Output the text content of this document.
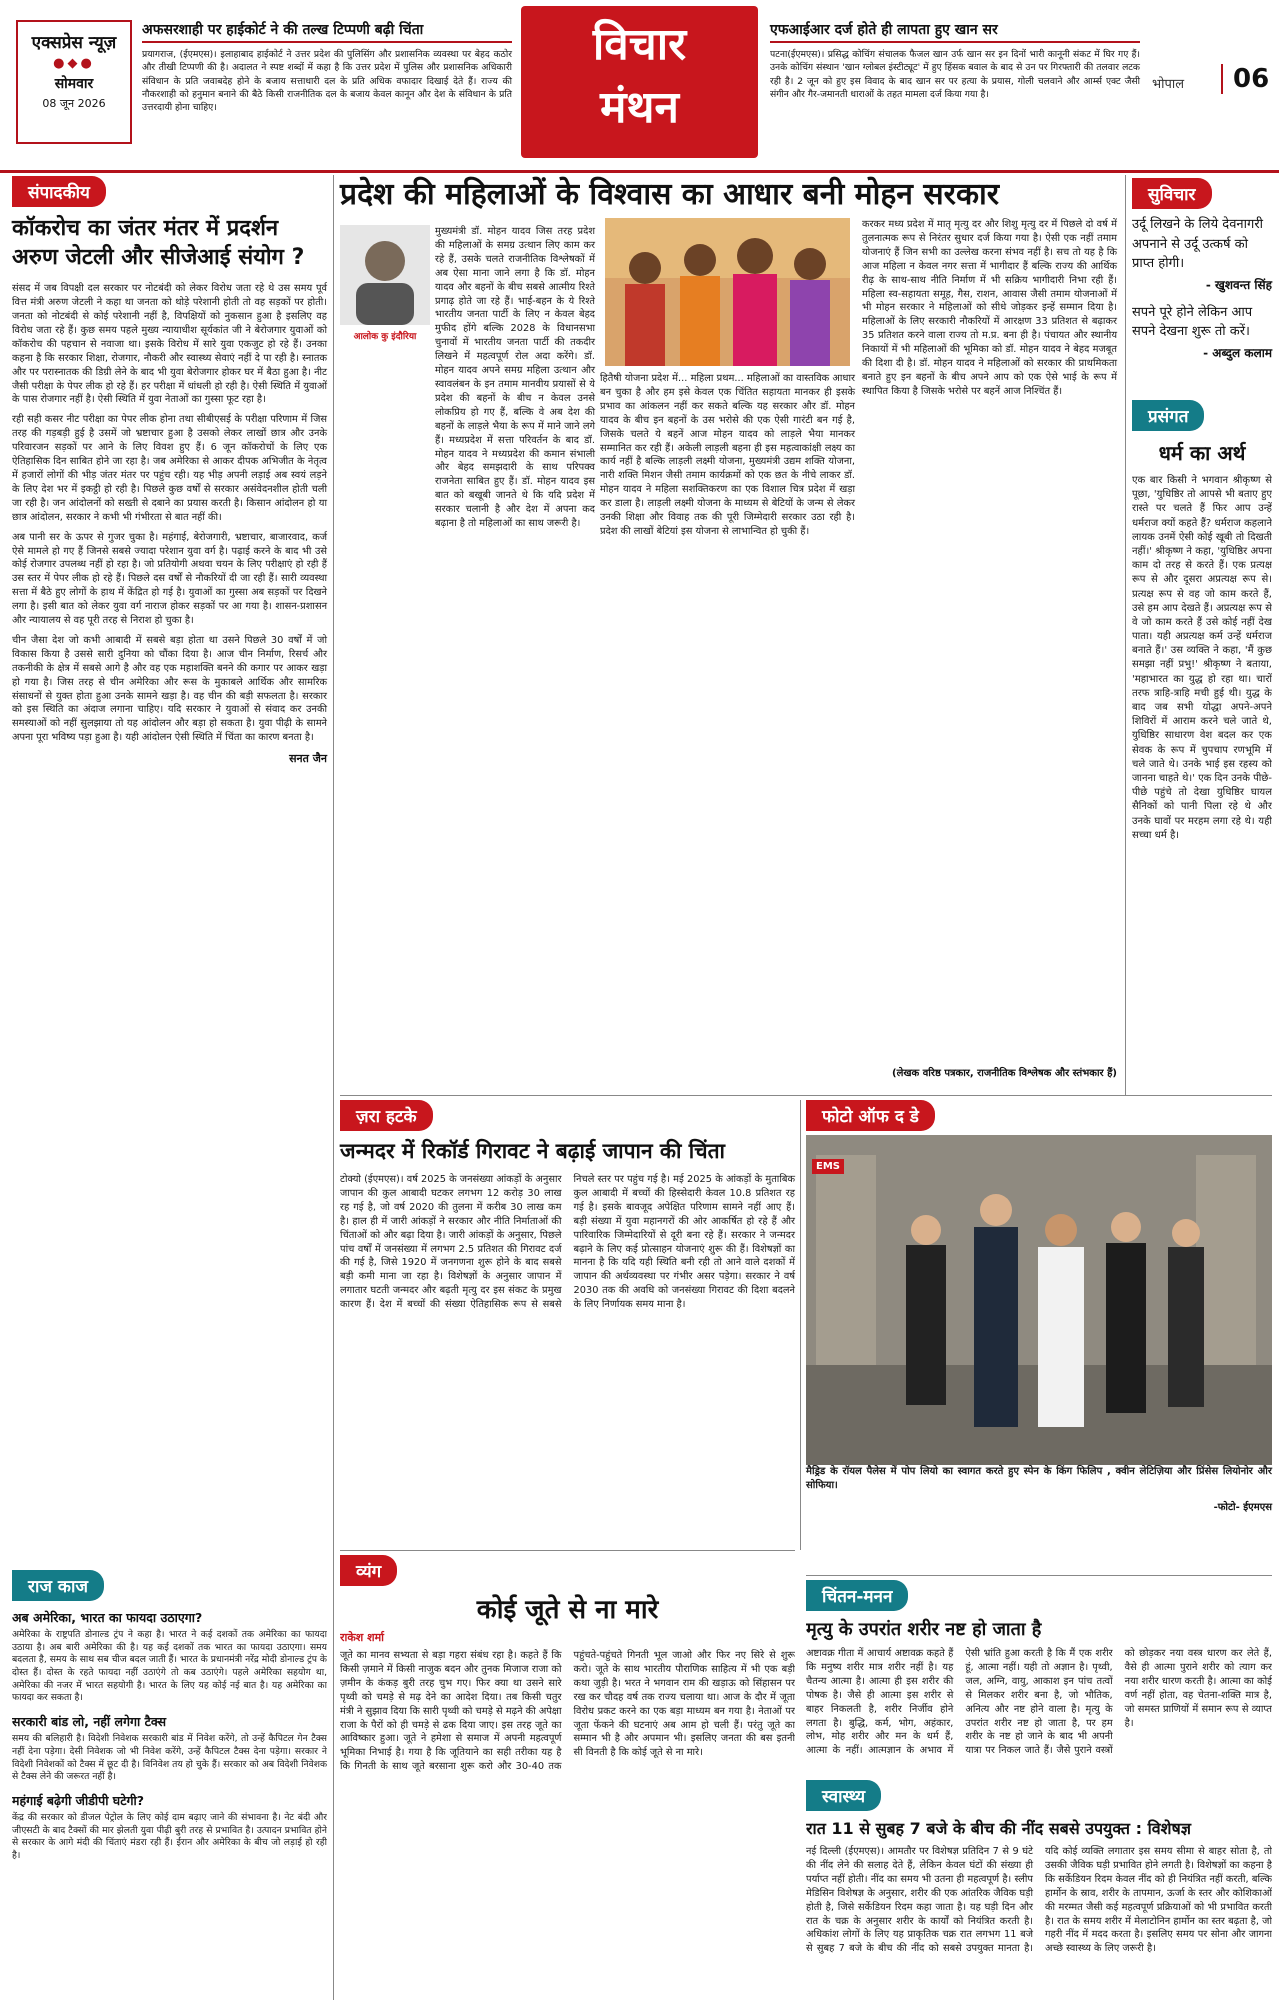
एक्सप्रेस न्यूज़
●◆●
सोमवार
08 जून 2026
अफसरशाही पर हाईकोर्ट ने की तल्ख टिप्पणी बढ़ी चिंता

प्रयागराज, (ईएमएस)। इलाहाबाद हाईकोर्ट ने उत्तर प्रदेश की पुलिसिंग और प्रशासनिक व्यवस्था पर बेहद कठोर और तीखी टिप्पणी की है। अदालत ने स्पष्ट शब्दों में कहा है कि उत्तर प्रदेश में पुलिस और प्रशासनिक अधिकारी संविधान के प्रति जवाबदेह होने के बजाय सत्ताधारी दल के प्रति अधिक वफादार दिखाई देते हैं। राज्य की नौकरशाही को हनुमान बनाने की बैठे किसी राजनीतिक दल के बजाय केवल कानून और देश के संविधान के प्रति उत्तरदायी होना चाहिए।

विचार
मंथन
एफआईआर दर्ज होते ही लापता हुए खान सर

पटना(ईएमएस)। प्रसिद्ध कोचिंग संचालक फैजल खान उर्फ खान सर इन दिनों भारी कानूनी संकट में घिर गए हैं। उनके कोचिंग संस्थान 'खान ग्लोबल इंस्टीट्यूट' में हुए हिंसक बवाल के बाद से उन पर गिरफ्तारी की तलवार लटक रही है। 2 जून को हुए इस विवाद के बाद खान सर पर हत्या के प्रयास, गोली चलवाने और आर्म्स एक्ट जैसी संगीन और गैर-जमानती धाराओं के तहत मामला दर्ज किया गया है।

भोपाल	06
संपादकीय
कॉकरोच का जंतर मंतर में प्रदर्शन अरुण जेटली और सीजेआई संयोग ?

संसद में जब विपक्षी दल सरकार पर नोटबंदी को लेकर विरोध जता रहे थे उस समय पूर्व वित्त मंत्री अरुण जेटली ने कहा था जनता को थोड़े परेशानी होती तो वह सड़कों पर होती। जनता को नोटबंदी से कोई परेशानी नहीं है, विपक्षियों को नुकसान हुआ है इसलिए वह विरोध जता रहे हैं। कुछ समय पहले मुख्य न्यायाधीश सूर्यकांत जी ने बेरोजगार युवाओं को कॉकरोच की पहचान से नवाजा था। इसके विरोध में सारे युवा एकजुट हो रहे हैं। उनका कहना है कि सरकार शिक्षा, रोजगार, नौकरी और स्वास्थ्य सेवाएं नहीं दे पा रही है। स्नातक और पर परास्नातक की डिग्री लेने के बाद भी युवा बेरोजगार होकर घर में बैठा हुआ है। नीट जैसी परीक्षा के पेपर लीक हो रहे हैं। हर परीक्षा में धांधली हो रही है। ऐसी स्थिति में युवाओं के पास रोजगार नहीं है। ऐसी स्थिति में युवा नेताओं का गुस्सा फूट रहा है।

रही सही कसर नीट परीक्षा का पेपर लीक होना तथा सीबीएसई के परीक्षा परिणाम में जिस तरह की गड़बड़ी हुई है उसमें जो भ्रष्टाचार हुआ है उसको लेकर लाखों छात्र और उनके परिवारजन सड़कों पर आने के लिए विवश हुए हैं। 6 जून कॉकरोचों के लिए एक ऐतिहासिक दिन साबित होने जा रहा है। जब अमेरिका से आकर दीपक अभिजीत के नेतृत्व में हजारों लोगों की भीड़ जंतर मंतर पर पहुंच रही। यह भीड़ अपनी लड़ाई अब स्वयं लड़ने के लिए देश भर में इकट्ठी हो रही है। पिछले कुछ वर्षों से सरकार असंवेदनशील होती चली जा रही है। जन आंदोलनों को सख्ती से दबाने का प्रयास करती है। किसान आंदोलन हो या छात्र आंदोलन, सरकार ने कभी भी गंभीरता से बात नहीं की।

अब पानी सर के ऊपर से गुजर चुका है। महंगाई, बेरोजगारी, भ्रष्टाचार, बाजारवाद, कर्ज ऐसे मामले हो गए हैं जिनसे सबसे ज्यादा परेशान युवा वर्ग है। पढ़ाई करने के बाद भी उसे कोई रोजगार उपलब्ध नहीं हो रहा है। जो प्रतियोगी अथवा चयन के लिए परीक्षाएं हो रही हैं उस स्तर में पेपर लीक हो रहे हैं। पिछले दस वर्षों से नौकरियों दी जा रही हैं। सारी व्यवस्था सत्ता में बैठे हुए लोगों के हाथ में केंद्रित हो गई है। युवाओं का गुस्सा अब सड़कों पर दिखने लगा है। इसी बात को लेकर युवा वर्ग नाराज होकर सड़कों पर आ गया है। शासन-प्रशासन और न्यायालय से वह पूरी तरह से निराश हो चुका है।

चीन जैसा देश जो कभी आबादी में सबसे बड़ा होता था उसने पिछले 30 वर्षों में जो विकास किया है उससे सारी दुनिया को चौंका दिया है। आज चीन निर्माण, रिसर्च और तकनीकी के क्षेत्र में सबसे आगे है और वह एक महाशक्ति बनने की कगार पर आकर खड़ा हो गया है। जिस तरह से चीन अमेरिका और रूस के मुकाबले आर्थिक और सामरिक संसाधनों से युक्त होता हुआ उनके सामने खड़ा है। वह चीन की बड़ी सफलता है। सरकार को इस स्थिति का अंदाज लगाना चाहिए। यदि सरकार ने युवाओं से संवाद कर उनकी समस्याओं को नहीं सुलझाया तो यह आंदोलन और बड़ा हो सकता है। युवा पीढ़ी के सामने अपना पूरा भविष्य पड़ा हुआ है। यही आंदोलन ऐसी स्थिति में चिंता का कारण बनता है।

सनत जैन
राज काज
अब अमेरिका, भारत का फायदा उठाएगा?

अमेरिका के राष्ट्रपति डोनाल्ड ट्रंप ने कहा है। भारत ने कई दशकों तक अमेरिका का फायदा उठाया है। अब बारी अमेरिका की है। यह कई दशकों तक भारत का फायदा उठाएगा। समय बदलता है, समय के साथ सब चीज बदल जाती हैं। भारत के प्रधानमंत्री नरेंद्र मोदी डोनाल्ड ट्रंप के दोस्त हैं। दोस्त के रहते फायदा नहीं उठाएंगे तो कब उठाएंगे। पहले अमेरिका सहयोग था, अमेरिका की नजर में भारत सहयोगी है। भारत के लिए यह कोई नई बात है। यह अमेरिका का फायदा कर सकता है।

सरकारी बांड लो, नहीं लगेगा टैक्स

समय की बलिहारी है। विदेशी निवेशक सरकारी बांड में निवेश करेंगे, तो उन्हें कैपिटल गेन टैक्स नहीं देना पड़ेगा। देसी निवेशक जो भी निवेश करेंगे, उन्हें कैपिटल टैक्स देना पड़ेगा। सरकार ने विदेशी निवेशकों को टैक्स में छूट दी है। विनिवेश तय हो चुके हैं। सरकार को अब विदेशी निवेशक से टैक्स लेने की जरूरत नहीं है।

महंगाई बढ़ेगी जीडीपी घटेगी?

केंद्र की सरकार को डीजल पेट्रोल के लिए कोई दाम बढ़ाए जाने की संभावना है। नेट बंदी और जीएसटी के बाद टैक्सों की मार झेलती युवा पीढ़ी बुरी तरह से प्रभावित है। उत्पादन प्रभावित होने से सरकार के आगे मंदी की चिंताएं मंडरा रही हैं। ईरान और अमेरिका के बीच जो लड़ाई हो रही है।

प्रदेश की महिलाओं के विश्वास का आधार बनी मोहन सरकार
आलोक कु इंदौरिया

मुख्यमंत्री डॉ. मोहन यादव जिस तरह प्रदेश की महिलाओं के समग्र उत्थान लिए काम कर रहे हैं, उसके चलते राजनीतिक विश्लेषकों में अब ऐसा माना जाने लगा है कि डॉ. मोहन यादव और बहनों के बीच सबसे आत्मीय रिश्ते प्रगाढ़ होते जा रहे हैं। भाई-बहन के ये रिश्ते भारतीय जनता पार्टी के लिए न केवल बेहद मुफीद होंगे बल्कि 2028 के विधानसभा चुनावों में भारतीय जनता पार्टी की तकदीर लिखने में महत्वपूर्ण रोल अदा करेंगे। डॉ. मोहन यादव अपने समग्र महिला उत्थान और स्वावलंबन के इन तमाम मानवीय प्रयासों से ये प्रदेश की बहनों के बीच न केवल उनसे लोकप्रिय हो गए हैं, बल्कि वे अब देश की बहनों के लाड़ले भैया के रूप में माने जाने लगे हैं। मध्यप्रदेश में सत्ता परिवर्तन के बाद डॉ. मोहन यादव ने मध्यप्रदेश की कमान संभाली और बेहद समझदारी के साथ परिपक्व राजनेता साबित हुए हैं। डॉ. मोहन यादव इस बात को बखूबी जानते थे कि यदि प्रदेश में सरकार चलानी है और देश में अपना कद बढ़ाना है तो महिलाओं का साथ जरूरी है।

हितैषी योजना प्रदेश में... महिला प्रथम... महिलाओं का वास्तविक आधार बन चुका है और हम इसे केवल एक चिंतित सहायता मानकर ही इसके प्रभाव का आंकलन नहीं कर सकते बल्कि यह सरकार और डॉ. मोहन यादव के बीच इन बहनों के उस भरोसे की एक ऐसी गारंटी बन गई है, जिसके चलते ये बहनें आज मोहन यादव को लाड़ले भैया मानकर सम्मानित कर रही हैं। अकेली लाड़ली बहना ही इस महत्वाकांक्षी लक्ष्य का कार्य नहीं है बल्कि लाड़ली लक्ष्मी योजना, मुख्यमंत्री उद्यम शक्ति योजना, नारी शक्ति मिशन जैसी तमाम कार्यक्रमों को एक छत के नीचे लाकर डॉ. मोहन यादव ने महिला सशक्तिकरण का एक विशाल चित्र प्रदेश में खड़ा कर डाला है। लाड़ली लक्ष्मी योजना के माध्यम से बेटियों के जन्म से लेकर उनकी शिक्षा और विवाह तक की पूरी जिम्मेदारी सरकार उठा रही है। प्रदेश की लाखों बेटियां इस योजना से लाभान्वित हो चुकी हैं।

करकर मध्य प्रदेश में मातृ मृत्यु दर और शिशु मृत्यु दर में पिछले दो वर्ष में तुलनात्मक रूप से निरंतर सुधार दर्ज किया गया है। ऐसी एक नहीं तमाम योजनाएं हैं जिन सभी का उल्लेख करना संभव नहीं है। सच तो यह है कि आज महिला न केवल नगर सत्ता में भागीदार हैं बल्कि राज्य की आर्थिक रीढ़ के साथ-साथ नीति निर्माण में भी सक्रिय भागीदारी निभा रही हैं। महिला स्व-सहायता समूह, गैस, राशन, आवास जैसी तमाम योजनाओं में भी मोहन सरकार ने महिलाओं को सीधे जोड़कर इन्हें सम्मान दिया है। महिलाओं के लिए सरकारी नौकरियों में आरक्षण 33 प्रतिशत से बढ़ाकर 35 प्रतिशत करने वाला राज्य तो म.प्र. बना ही है। पंचायत और स्थानीय निकायों में भी महिलाओं की भूमिका को डॉ. मोहन यादव ने बेहद मजबूत की दिशा दी है। डॉ. मोहन यादव ने महिलाओं को सरकार की प्राथमिकता बनाते हुए इन बहनों के बीच अपने आप को एक ऐसे भाई के रूप में स्थापित किया है जिसके भरोसे पर बहनें आज निश्चिंत हैं।

(लेखक वरिष्ठ पत्रकार, राजनीतिक विश्लेषक और स्तंभकार हैं)
सुविचार

उर्दू लिखने के लिये देवनागरी अपनाने से उर्दू उत्कर्ष को प्राप्त होगी।

- खुशवन्त सिंह

सपने पूरे होने लेकिन आप सपने देखना शुरू तो करें।

- अब्दुल कलाम
प्रसंगत
धर्म का अर्थ

एक बार किसी ने भगवान श्रीकृष्ण से पूछा, 'युधिष्ठिर तो आपसे भी बताए हुए रास्ते पर चलते हैं फिर आप उन्हें धर्मराज क्यों कहते हैं? धर्मराज कहलाने लायक उनमें ऐसी कोई खूबी तो दिखती नहीं।' श्रीकृष्ण ने कहा, 'युधिष्ठिर अपना काम दो तरह से करते हैं। एक प्रत्यक्ष रूप से और दूसरा अप्रत्यक्ष रूप से। प्रत्यक्ष रूप से वह जो काम करते हैं, उसे हम आप देखते हैं। अप्रत्यक्ष रूप से वे जो काम करते हैं उसे कोई नहीं देख पाता। यही अप्रत्यक्ष कर्म उन्हें धर्मराज बनाते हैं।' उस व्यक्ति ने कहा, 'मैं कुछ समझा नहीं प्रभु!' श्रीकृष्ण ने बताया, 'महाभारत का युद्ध हो रहा था। चारों तरफ त्राहि-त्राहि मची हुई थी। युद्ध के बाद जब सभी योद्धा अपने-अपने शिविरों में आराम करने चले जाते थे, युधिष्ठिर साधारण वेश बदल कर एक सेवक के रूप में चुपचाप रणभूमि में चले जाते थे। उनके भाई इस रहस्य को जानना चाहते थे।' एक दिन उनके पीछे-पीछे पहुंचे तो देखा युधिष्ठिर घायल सैनिकों को पानी पिला रहे थे और उनके घावों पर मरहम लगा रहे थे। यही सच्चा धर्म है।

ज़रा हटके
जन्मदर में रिकॉर्ड गिरावट ने बढ़ाई जापान की चिंता

टोक्यो (ईएमएस)। वर्ष 2025 के जनसंख्या आंकड़ों के अनुसार जापान की कुल आबादी घटकर लगभग 12 करोड़ 30 लाख रह गई है, जो वर्ष 2020 की तुलना में करीब 30 लाख कम है। हाल ही में जारी आंकड़ों ने सरकार और नीति निर्माताओं की चिंताओं को और बढ़ा दिया है। जारी आंकड़ों के अनुसार, पिछले पांच वर्षों में जनसंख्या में लगभग 2.5 प्रतिशत की गिरावट दर्ज की गई है, जिसे 1920 में जनगणना शुरू होने के बाद सबसे बड़ी कमी माना जा रहा है। विशेषज्ञों के अनुसार जापान में लगातार घटती जन्मदर और बढ़ती मृत्यु दर इस संकट के प्रमुख कारण हैं। देश में बच्चों की संख्या ऐतिहासिक रूप से सबसे निचले स्तर पर पहुंच गई है। मई 2025 के आंकड़ों के मुताबिक कुल आबादी में बच्चों की हिस्सेदारी केवल 10.8 प्रतिशत रह गई है। इसके बावजूद अपेक्षित परिणाम सामने नहीं आए हैं। बड़ी संख्या में युवा महानगरों की ओर आकर्षित हो रहे हैं और पारिवारिक जिम्मेदारियों से दूरी बना रहे हैं। सरकार ने जन्मदर बढ़ाने के लिए कई प्रोत्साहन योजनाएं शुरू की हैं। विशेषज्ञों का मानना है कि यदि यही स्थिति बनी रही तो आने वाले दशकों में जापान की अर्थव्यवस्था पर गंभीर असर पड़ेगा। सरकार ने वर्ष 2030 तक की अवधि को जनसंख्या गिरावट की दिशा बदलने के लिए निर्णायक समय माना है।

फोटो ऑफ द डे
EMS

मैड्रिड के रॉयल पैलेस में पोप लियो का स्वागत करते हुए स्पेन के किंग फिलिप , क्वीन लेटिज़िया और प्रिंसेस लियोनोर और सोफिया।

-फोटो- ईएमएस
व्यंग
कोई जूते से ना मारे
राकेश शर्मा

जूते का मानव सभ्यता से बड़ा गहरा संबंध रहा है। कहते हैं कि किसी ज़माने में किसी नाजुक बदन और तुनक मिजाज राजा को ज़मीन के कंकड़ बुरी तरह चुभ गए। फिर क्या था उसने सारे पृथ्वी को चमड़े से मढ़ देने का आदेश दिया। तब किसी चतुर मंत्री ने सुझाव दिया कि सारी पृथ्वी को चमड़े से मढ़ने की अपेक्षा राजा के पैरों को ही चमड़े से ढक दिया जाए। इस तरह जूते का आविष्कार हुआ। जूते ने हमेशा से समाज में अपनी महत्वपूर्ण भूमिका निभाई है। गया है कि जूतियाने का सही तरीका यह है कि गिनती के साथ जूते बरसाना शुरू करो और 30-40 तक पहुंचते-पहुंचते गिनती भूल जाओ और फिर नए सिरे से शुरू करो। जूते के साथ भारतीय पौराणिक साहित्य में भी एक बड़ी कथा जुड़ी है। भरत ने भगवान राम की खड़ाऊ को सिंहासन पर रख कर चौदह वर्ष तक राज्य चलाया था। आज के दौर में जूता विरोध प्रकट करने का एक बड़ा माध्यम बन गया है। नेताओं पर जूता फेंकने की घटनाएं अब आम हो चली हैं। परंतु जूते का सम्मान भी है और अपमान भी। इसलिए जनता की बस इतनी सी विनती है कि कोई जूते से ना मारे।

चिंतन-मनन
मृत्यु के उपरांत शरीर नष्ट हो जाता है

अष्टावक्र गीता में आचार्य अष्टावक्र कहते हैं कि मनुष्य शरीर मात्र शरीर नहीं है। यह चैतन्य आत्मा है। आत्मा ही इस शरीर की पोषक है। जैसे ही आत्मा इस शरीर से बाहर निकलती है, शरीर निर्जीव होने लगता है। बुद्धि, कर्म, भोग, अहंकार, लोभ, मोह शरीर और मन के धर्म हैं, आत्मा के नहीं। आत्मज्ञान के अभाव में ऐसी भ्रांति हुआ करती है कि मैं एक शरीर हूं, आत्मा नहीं। यही तो अज्ञान है। पृथ्वी, जल, अग्नि, वायु, आकाश इन पांच तत्वों से मिलकर शरीर बना है, जो भौतिक, अनित्य और नष्ट होने वाला है। मृत्यु के उपरांत शरीर नष्ट हो जाता है, पर हम शरीर के नष्ट हो जाने के बाद भी अपनी यात्रा पर निकल जाते हैं। जैसे पुराने वस्त्रों को छोड़कर नया वस्त्र धारण कर लेते हैं, वैसे ही आत्मा पुराने शरीर को त्याग कर नया शरीर धारण करती है। आत्मा का कोई वर्ण नहीं होता, वह चेतना-शक्ति मात्र है, जो समस्त प्राणियों में समान रूप से व्याप्त है।

स्वास्थ्य
रात 11 से सुबह 7 बजे के बीच की नींद सबसे उपयुक्त : विशेषज्ञ

नई दिल्ली (ईएमएस)। आमतौर पर विशेषज्ञ प्रतिदिन 7 से 9 घंटे की नींद लेने की सलाह देते हैं, लेकिन केवल घंटों की संख्या ही पर्याप्त नहीं होती। नींद का समय भी उतना ही महत्वपूर्ण है। स्लीप मेडिसिन विशेषज्ञ के अनुसार, शरीर की एक आंतरिक जैविक घड़ी होती है, जिसे सर्केडियन रिदम कहा जाता है। यह घड़ी दिन और रात के चक्र के अनुसार शरीर के कार्यों को नियंत्रित करती है। अधिकांश लोगों के लिए यह प्राकृतिक चक्र रात लगभग 11 बजे से सुबह 7 बजे के बीच की नींद को सबसे उपयुक्त मानता है। यदि कोई व्यक्ति लगातार इस समय सीमा से बाहर सोता है, तो उसकी जैविक घड़ी प्रभावित होने लगती है। विशेषज्ञों का कहना है कि सर्केडियन रिदम केवल नींद को ही नियंत्रित नहीं करती, बल्कि हार्मोन के स्राव, शरीर के तापमान, ऊर्जा के स्तर और कोशिकाओं की मरम्मत जैसी कई महत्वपूर्ण प्रक्रियाओं को भी प्रभावित करती है। रात के समय शरीर में मेलाटोनिन हार्मोन का स्तर बढ़ता है, जो गहरी नींद में मदद करता है। इसलिए समय पर सोना और जागना अच्छे स्वास्थ्य के लिए जरूरी है।
